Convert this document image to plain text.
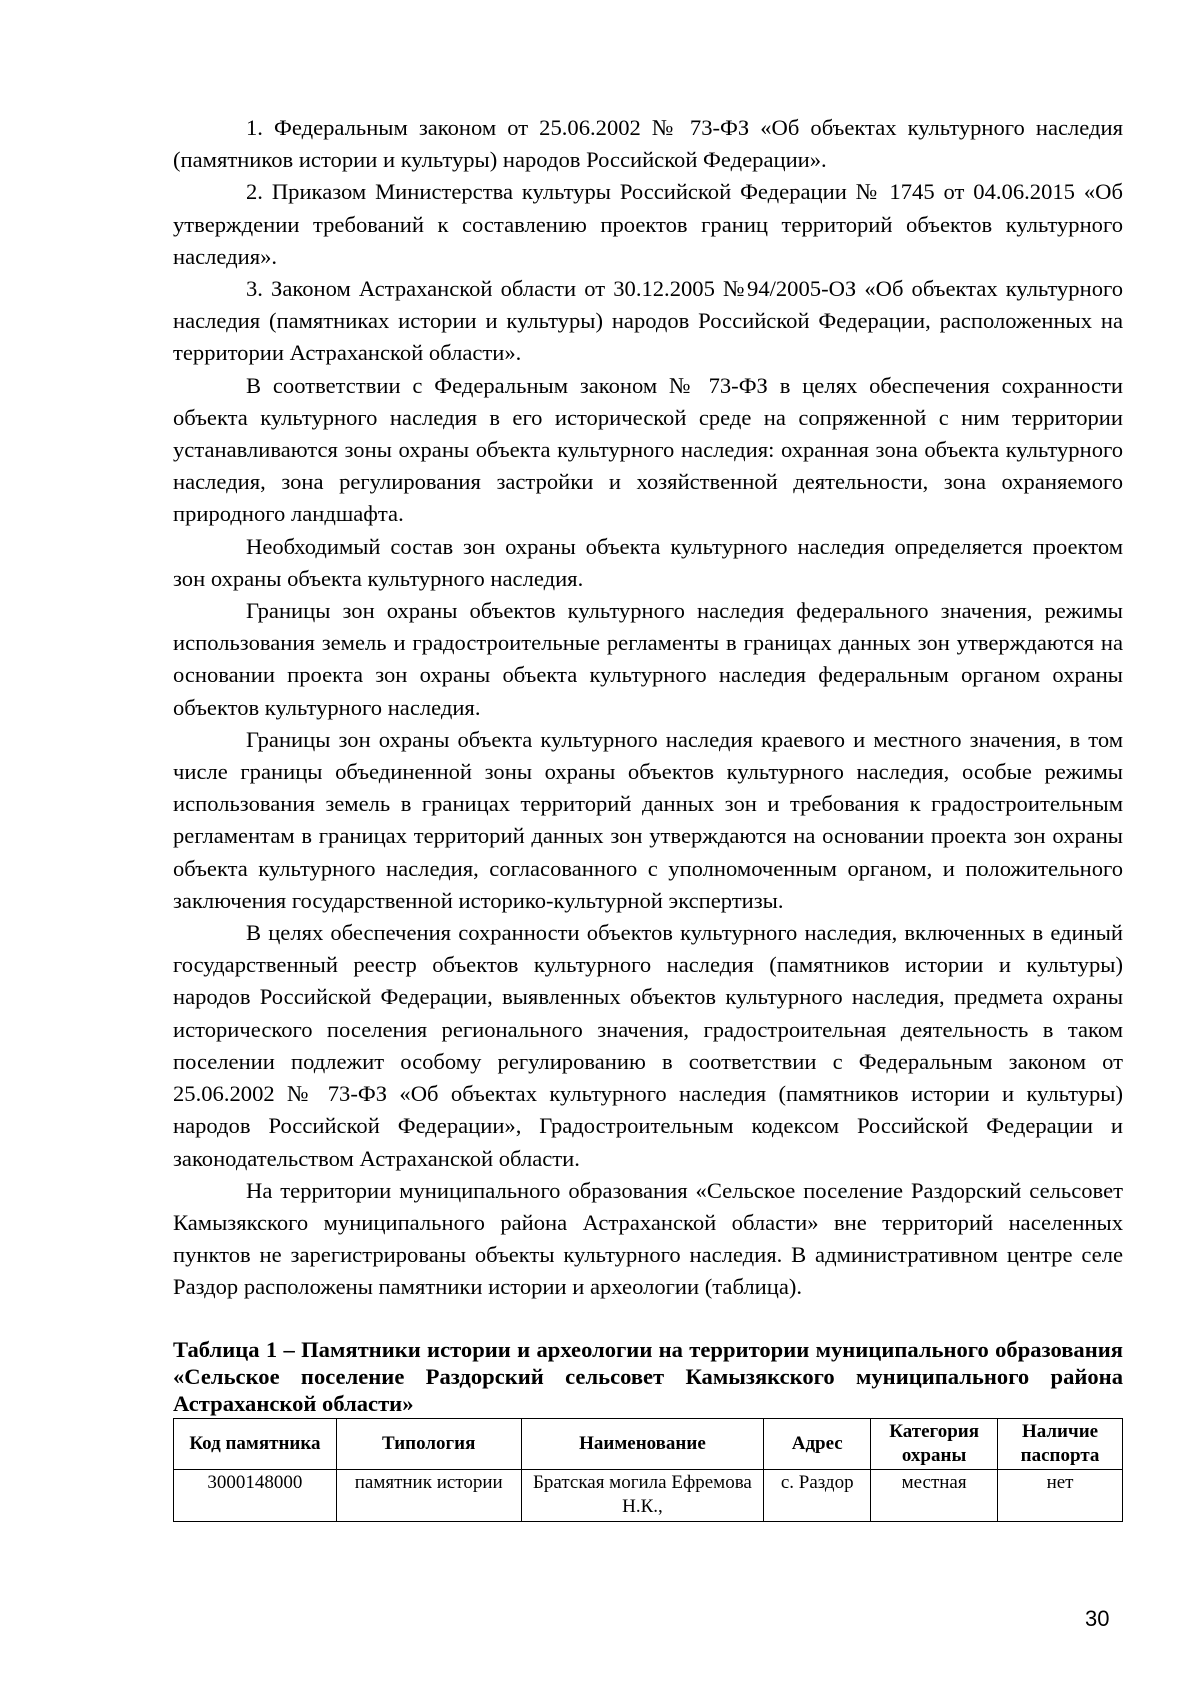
1. Федеральным законом от 25.06.2002 № 73-ФЗ «Об объектах культурного наследия (памятников истории и культуры) народов Российской Федерации».

2. Приказом Министерства культуры Российской Федерации № 1745 от 04.06.2015 «Об утверждении требований к составлению проектов границ территорий объектов культурного наследия».

3. Законом Астраханской области от 30.12.2005 №94/2005-ОЗ «Об объектах культурного наследия (памятниках истории и культуры) народов Российской Федерации, расположенных на территории Астраханской области».

В соответствии с Федеральным законом № 73-ФЗ в целях обеспечения сохранности объекта культурного наследия в его исторической среде на сопряженной с ним территории устанавливаются зоны охраны объекта культурного наследия: охранная зона объекта культурного наследия, зона регулирования застройки и хозяйственной деятельности, зона охраняемого природного ландшафта.

Необходимый состав зон охраны объекта культурного наследия определяется проектом зон охраны объекта культурного наследия.

Границы зон охраны объектов культурного наследия федерального значения, режимы использования земель и градостроительные регламенты в границах данных зон утверждаются на основании проекта зон охраны объекта культурного наследия федеральным органом охраны объектов культурного наследия.

Границы зон охраны объекта культурного наследия краевого и местного значения, в том числе границы объединенной зоны охраны объектов культурного наследия, особые режимы использования земель в границах территорий данных зон и требования к градостроительным регламентам в границах территорий данных зон утверждаются на основании проекта зон охраны объекта культурного наследия, согласованного с уполномоченным органом, и положительного заключения государственной историко-культурной экспертизы.

В целях обеспечения сохранности объектов культурного наследия, включенных в единый государственный реестр объектов культурного наследия (памятников истории и культуры) народов Российской Федерации, выявленных объектов культурного наследия, предмета охраны исторического поселения регионального значения, градостроительная деятельность в таком поселении подлежит особому регулированию в соответствии с Федеральным законом от 25.06.2002 № 73-ФЗ «Об объектах культурного наследия (памятников истории и культуры) народов Российской Федерации», Градостроительным кодексом Российской Федерации и законодательством Астраханской области.

На территории муниципального образования «Сельское поселение Раздорский сельсовет Камызякского муниципального района Астраханской области» вне территорий населенных пунктов не зарегистрированы объекты культурного наследия. В административном центре селе Раздор расположены памятники истории и археологии (таблица).

Таблица 1 – Памятники истории и археологии на территории муниципального образования «Сельское поселение Раздорский сельсовет Камызякского муниципального района Астраханской области»

Код памятника	Типология	Наименование	Адрес	Категория охраны	Наличие паспорта
3000148000	памятник истории	Братская могила Ефремова Н.К.,	с. Раздор	местная	нет
30
